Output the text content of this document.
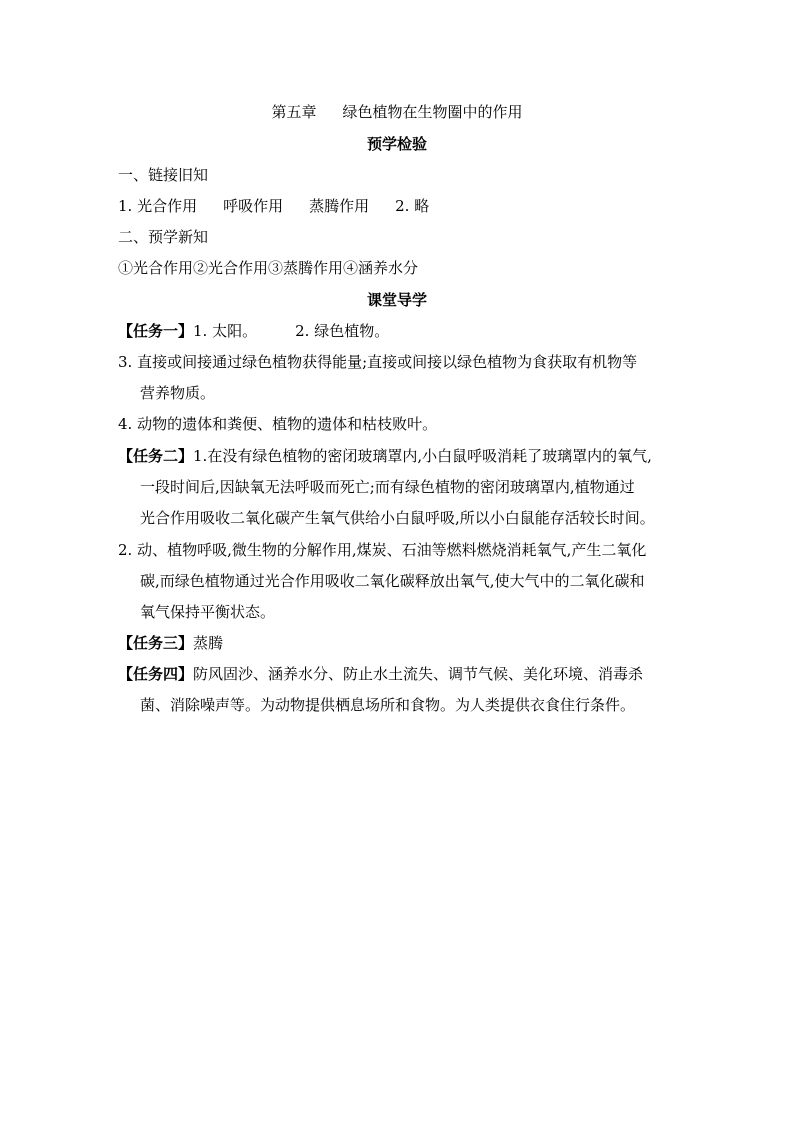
第五章 绿色植物在生物圈中的作用
预学检验
一、链接旧知
1. 光合作用 呼吸作用 蒸腾作用 2. 略
二、预学新知
①光合作用②光合作用③蒸腾作用④涵养水分
课堂导学
【任务一】1. 太阳。	2. 绿色植物。
3. 直接或间接通过绿色植物获得能量;直接或间接以绿色植物为食获取有机物等
营养物质。
4. 动物的遗体和粪便、植物的遗体和枯枝败叶。
【任务二】1.在没有绿色植物的密闭玻璃罩内,小白鼠呼吸消耗了玻璃罩内的氧气,
一段时间后,因缺氧无法呼吸而死亡;而有绿色植物的密闭玻璃罩内,植物通过
光合作用吸收二氧化碳产生氧气供给小白鼠呼吸,所以小白鼠能存活较长时间。
2. 动、植物呼吸,微生物的分解作用,煤炭、石油等燃料燃烧消耗氧气,产生二氧化
碳,而绿色植物通过光合作用吸收二氧化碳释放出氧气,使大气中的二氧化碳和
氧气保持平衡状态。
【任务三】蒸腾
【任务四】防风固沙、涵养水分、防止水土流失、调节气候、美化环境、消毒杀
菌、消除噪声等。为动物提供栖息场所和食物。为人类提供衣食住行条件。
